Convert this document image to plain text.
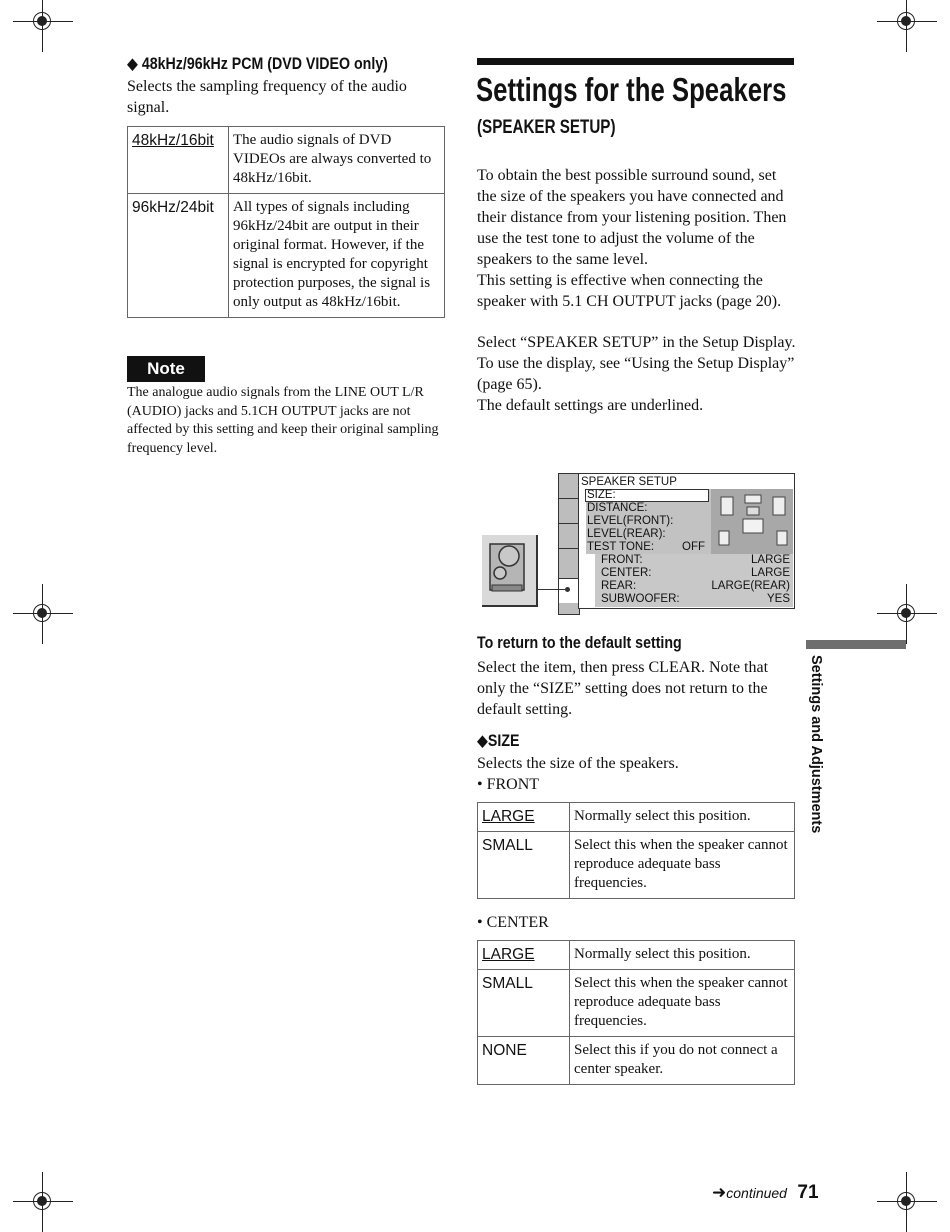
◆ 48kHz/96kHz PCM (DVD VIDEO only)
Selects the sampling frequency of the audio signal.
48kHz/16bit	The audio signals of DVD VIDEOs are always converted to 48kHz/16bit.
96kHz/24bit	All types of signals including 96kHz/24bit are output in their original format. However, if the signal is encrypted for copyright protection purposes, the signal is only output as 48kHz/16bit.
Note
The analogue audio signals from the LINE OUT L/R (AUDIO) jacks and 5.1CH OUTPUT jacks are not affected by this setting and keep their original sampling frequency level.
Settings for the Speakers
(SPEAKER SETUP)
To obtain the best possible surround sound, set the size of the speakers you have connected and their distance from your listening position. Then use the test tone to adjust the volume of the speakers to the same level.
This setting is effective when connecting the speaker with 5.1 CH OUTPUT jacks (page 20).
Select “SPEAKER SETUP” in the Setup Display. To use the display, see “Using the Setup Display” (page 65).
The default settings are underlined.
SPEAKER SETUP
SIZE:
DISTANCE:
LEVEL(FRONT):
LEVEL(REAR):
TEST TONE: OFF
FRONT:	LARGE
CENTER:	LARGE
REAR:	LARGE(REAR)
SUBWOOFER:	YES
To return to the default setting
Select the item, then press CLEAR. Note that only the “SIZE” setting does not return to the default setting.
◆SIZE
Selects the size of the speakers.
• FRONT
LARGE	Normally select this position.
SMALL	Select this when the speaker cannot reproduce adequate bass frequencies.
• CENTER
LARGE	Normally select this position.
SMALL	Select this when the speaker cannot reproduce adequate bass frequencies.
NONE	Select this if you do not connect a center speaker.
Settings and Adjustments
➜continued 71
